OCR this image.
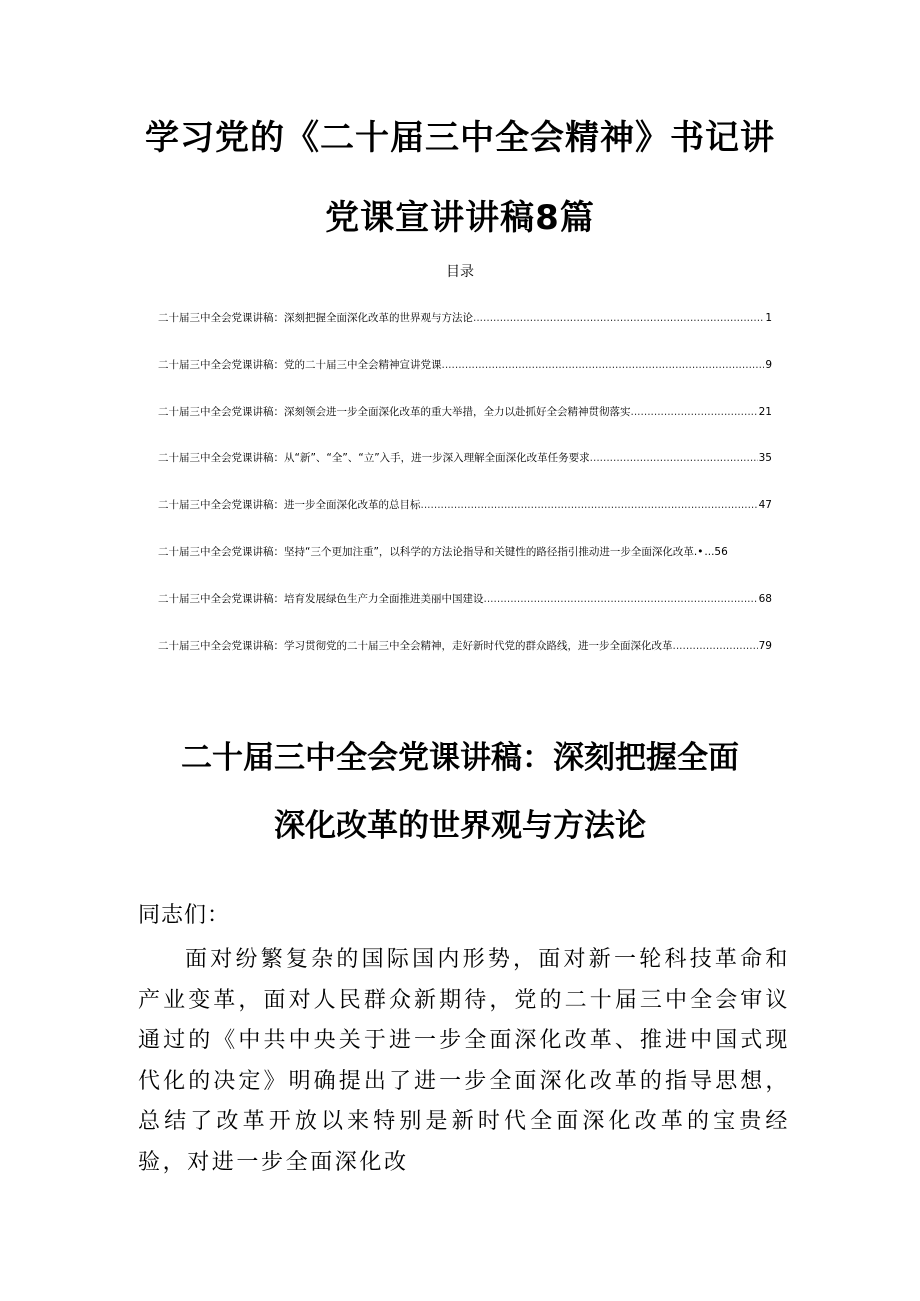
学习党的《二十届三中全会精神》书记讲
党课宣讲讲稿8篇
目录
二十届三中全会党课讲稿：深刻把握全面深化改革的世界观与方法论 .....	1
二十届三中全会党课讲稿：党的二十届三中全会精神宣讲党课 .....	9
二十届三中全会党课讲稿：深刻领会进一步全面深化改革的重大举措，全力以赴抓好全会精神贯彻落实 .....	21
二十届三中全会党课讲稿：从“新”、“全”、“立”入手，进一步深入理解全面深化改革任务要求 .....	35
二十届三中全会党课讲稿：进一步全面深化改革的总目标 .....	47
二十届三中全会党课讲稿：坚持“三个更加注重”，以科学的方法论指导和关键性的路径指引推动进一步全面深化改革.• ...56
二十届三中全会党课讲稿：培育发展绿色生产力全面推进美丽中国建设 .....	68
二十届三中全会党课讲稿：学习贯彻党的二十届三中全会精神，走好新时代党的群众路线，进一步全面深化改革 .....	79
二十届三中全会党课讲稿：深刻把握全面
深化改革的世界观与方法论
同志们：

面对纷繁复杂的国际国内形势，面对新一轮科技革命和 产业变革，面对人民群众新期待，党的二十届三中全会审议　通过的《中共中央关于进一步全面深化改革、推进中国式现 代化的决定》明确提出了进一步全面深化改革的指导思想， 总结了改革开放以来特别是新时代全面深化改革的宝贵经 验，对进一步全面深化改
